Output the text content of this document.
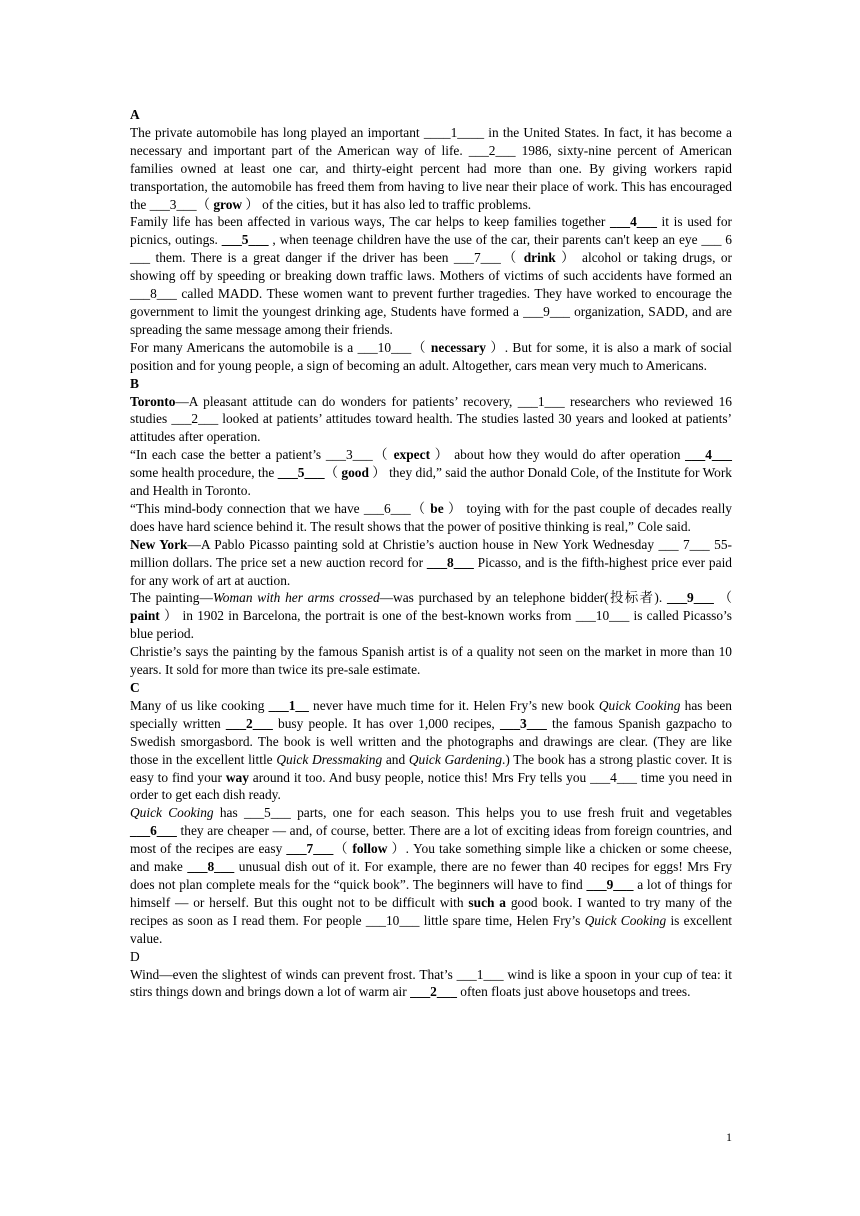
A

The private automobile has long played an important ____1____ in the United States. In fact, it has become a necessary and important part of the American way of life. ___2___ 1986, sixty-nine percent of American families owned at least one car, and thirty-eight percent had more than one. By giving workers rapid transportation, the automobile has freed them from having to live near their place of work. This has encouraged the ___3___（ grow ） of the cities, but it has also led to traffic problems.

Family life has been affected in various ways, The car helps to keep families together ___4___ it is used for picnics, outings. ___5___ , when teenage children have the use of the car, their parents can't keep an eye ___ 6 ___ them. There is a great danger if the driver has been ___7___（ drink ） alcohol or taking drugs, or showing off by speeding or breaking down traffic laws. Mothers of victims of such accidents have formed an ___8___ called MADD. These women want to prevent further tragedies. They have worked to encourage the government to limit the youngest drinking age, Students have formed a ___9___ organization, SADD, and are spreading the same message among their friends.

For many Americans the automobile is a ___10___（ necessary ）. But for some, it is also a mark of social position and for young people, a sign of becoming an adult. Altogether, cars mean very much to Americans.

B

Toronto—A pleasant attitude can do wonders for patients’ recovery, ___1___ researchers who reviewed 16 studies ___2___ looked at patients’ attitudes toward health. The studies lasted 30 years and looked at patients’ attitudes after operation.

“In each case the better a patient’s ___3___（ expect ） about how they would do after operation ___4___ some health procedure, the ___5___（ good ） they did,” said the author Donald Cole, of the Institute for Work and Health in Toronto.

“This mind-body connection that we have ___6___（ be ） toying with for the past couple of decades really does have hard science behind it. The result shows that the power of positive thinking is real,” Cole said.

New York—A Pablo Picasso painting sold at Christie’s auction house in New York Wednesday ___ 7___ 55-million dollars. The price set a new auction record for ___8___ Picasso, and is the fifth-highest price ever paid for any work of art at auction.

The painting—Woman with her arms crossed—was purchased by an telephone bidder(投标者). ___9___ （ paint ） in 1902 in Barcelona, the portrait is one of the best-known works from ___10___ is called Picasso’s blue period.

Christie’s says the painting by the famous Spanish artist is of a quality not seen on the market in more than 10 years. It sold for more than twice its pre-sale estimate.

C

Many of us like cooking ___1__ never have much time for it. Helen Fry’s new book Quick Cooking has been specially written ___2___ busy people. It has over 1,000 recipes, ___3___ the famous Spanish gazpacho to Swedish smorgasbord. The book is well written and the photographs and drawings are clear. (They are like those in the excellent little Quick Dressmaking and Quick Gardening.) The book has a strong plastic cover. It is easy to find your way around it too. And busy people, notice this! Mrs Fry tells you ___4___ time you need in order to get each dish ready.

Quick Cooking has ___5___ parts, one for each season. This helps you to use fresh fruit and vegetables ___6___ they are cheaper — and, of course, better. There are a lot of exciting ideas from foreign countries, and most of the recipes are easy ___7___（ follow ）. You take something simple like a chicken or some cheese, and make ___8___ unusual dish out of it. For example, there are no fewer than 40 recipes for eggs! Mrs Fry does not plan complete meals for the “quick book”. The beginners will have to find ___9___ a lot of things for himself — or herself. But this ought not to be difficult with such a good book. I wanted to try many of the recipes as soon as I read them. For people ___10___ little spare time, Helen Fry’s Quick Cooking is excellent value.

D

Wind—even the slightest of winds can prevent frost. That’s ___1___ wind is like a spoon in your cup of tea: it stirs things down and brings down a lot of warm air ___2___ often floats just above housetops and trees.

1
